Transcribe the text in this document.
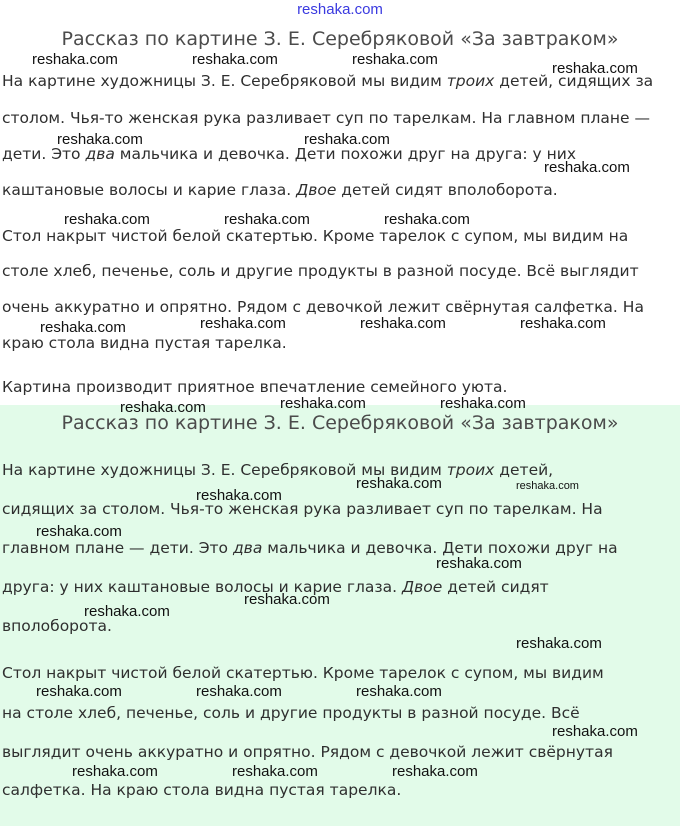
reshaka.com
Рассказ по картине З. Е. Серебряковой «За завтраком»
На картине художницы З. Е. Серебряковой мы видим троих детей, сидящих за
столом. Чья-то женская рука разливает суп по тарелкам. На главном плане —
дети. Это два мальчика и девочка. Дети похожи друг на друга: у них
каштановые волосы и карие глаза. Двое детей сидят вполоборота.
Стол накрыт чистой белой скатертью. Кроме тарелок с супом, мы видим на
столе хлеб, печенье, соль и другие продукты в разной посуде. Всё выглядит
очень аккуратно и опрятно. Рядом с девочкой лежит свёрнутая салфетка. На
краю стола видна пустая тарелка.
Картина производит приятное впечатление семейного уюта.
Рассказ по картине З. Е. Серебряковой «За завтраком»
На картине художницы З. Е. Серебряковой мы видим троих детей,
сидящих за столом. Чья-то женская рука разливает суп по тарелкам. На
главном плане — дети. Это два мальчика и девочка. Дети похожи друг на
друга: у них каштановые волосы и карие глаза. Двое детей сидят
вполоборота.
Стол накрыт чистой белой скатертью. Кроме тарелок с супом, мы видим
на столе хлеб, печенье, соль и другие продукты в разной посуде. Всё
выглядит очень аккуратно и опрятно. Рядом с девочкой лежит свёрнутая
салфетка. На краю стола видна пустая тарелка.
reshaka.com	reshaka.com	reshaka.com
reshaka.com
reshaka.com	reshaka.com
reshaka.com
reshaka.com	reshaka.com	reshaka.com
reshaka.com	reshaka.com	reshaka.com	reshaka.com
reshaka.com	reshaka.com	reshaka.com
reshaka.com	reshaka.com
reshaka.com
reshaka.com
reshaka.com
reshaka.com
reshaka.com
reshaka.com
reshaka.com	reshaka.com	reshaka.com
reshaka.com
reshaka.com	reshaka.com	reshaka.com
